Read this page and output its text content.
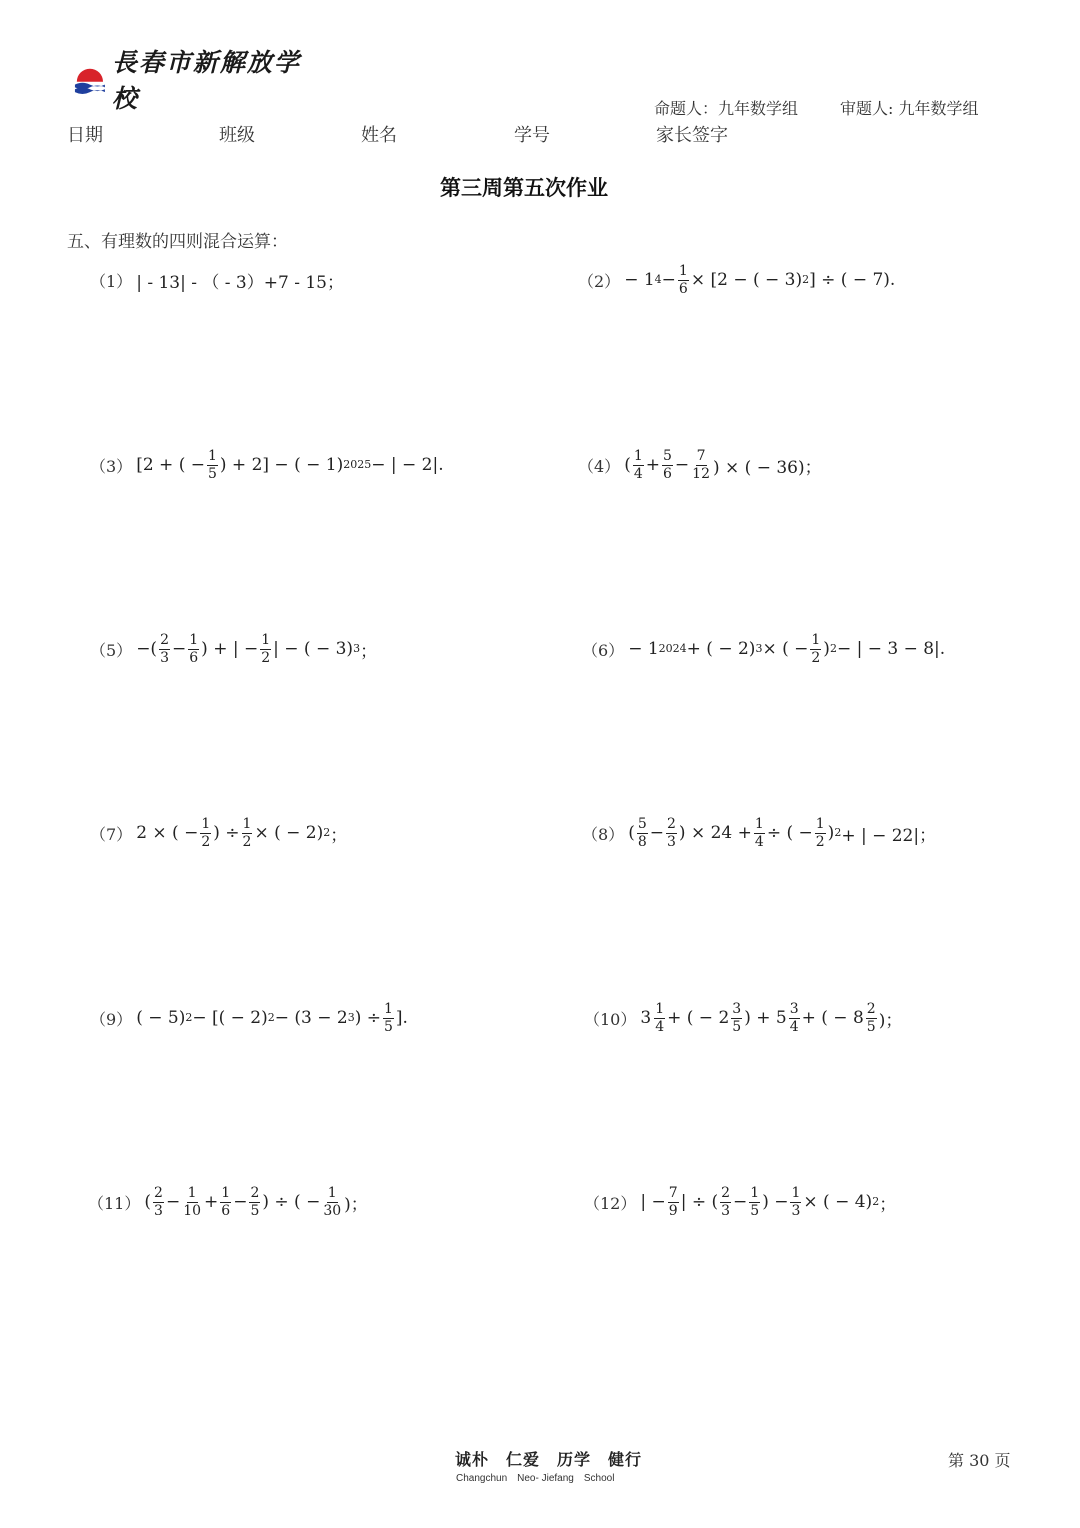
長春市新解放学校	命题人：九年数学组	审题人: 九年数学组
日期	班级	姓名	学号	家长签字
第三周第五次作业
五、有理数的四则混合运算：
（1） | - 13| - （ - 3）+7 - 15；	（2） − 1 $4 - \frac{1}{6} \times [2$ − ( − 3) 2 ] ÷ ( − 7).
（3） [2 + ( − $\frac{1}{5}$ ) + 2] − ( − 1) 2025 − | − 2|.	（4） ( $\frac{1}{4} + \frac{5}{6} - \frac{7}{12}$ ) × ( − 36)；
（5） −( $\frac{2}{3} - \frac{1}{6}$ ) + | − $\frac{1}{2}$ | − ( − 3) 3 ；	（6） − 1 2024 + ( − 2) 3 × ( − $\frac{1}{2}$ ) 2 − | − 3 − 8|.
（7） 2 × ( − $\frac{1}{2}$ ) ÷ $\frac{1}{2}$ × ( − 2) 2 ；	（8） ( $\frac{5}{8} - \frac{2}{3}$ ) × $24 + \frac{1}{4}$ ÷ ( − $\frac{1}{2}$ ) 2 + | − 22|；
（9） ( − 5) 2 − [( − 2) 2 − (3 − 2 3 ) ÷ $\frac{1}{5}$ ].	（10） $3 \frac{1}{4}$ + ( − $2 \frac{3}{5}$ ) + $5 \frac{3}{4}$ + ( − $8 \frac{2}{5}$ )；
（11） ( $\frac{2}{3} - \frac{1}{10} + \frac{1}{6} - \frac{2}{5}$ ) ÷ ( − $\frac{1}{30}$ )；	（12） | − $\frac{7}{9}$ | ÷ ( $\frac{2}{3} - \frac{1}{5}$ ) − $\frac{1}{3}$ × ( − 4) 2 ；
诚朴　仁爱　历学　健行
Changchun　Neo- Jiefang　School
第 30 页
